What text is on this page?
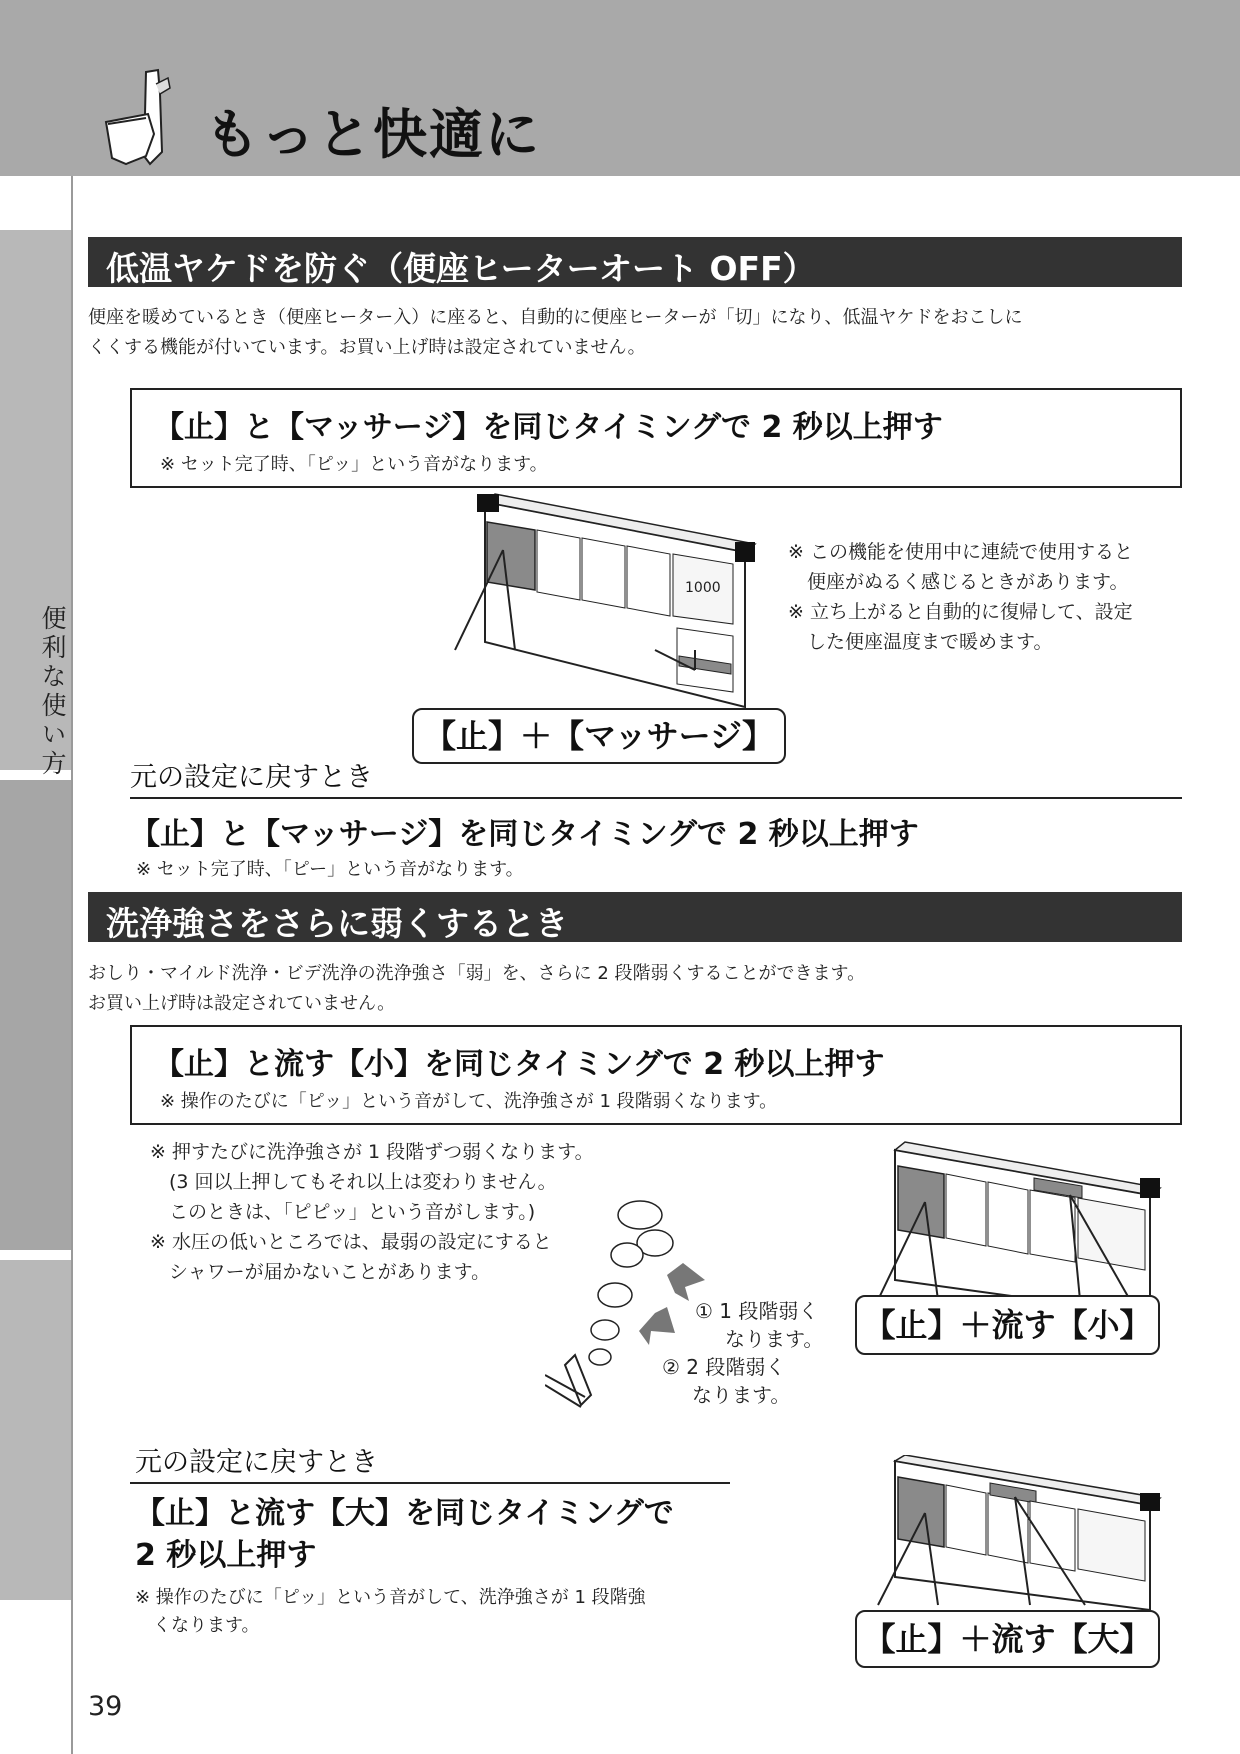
もっと快適に
便利な使い方
低温ヤケドを防ぐ（便座ヒーターオート OFF）
便座を暖めているとき（便座ヒーター入）に座ると、自動的に便座ヒーターが「切」になり、低温ヤケドをおこしに
くくする機能が付いています。お買い上げ時は設定されていません。
【止】と【マッサージ】を同じタイミングで 2 秒以上押す
※ セット完了時、「ピッ」という音がなります。
1000
【止】＋【マッサージ】
※ この機能を使用中に連続で使用すると
　便座がぬるく感じるときがあります。
※ 立ち上がると自動的に復帰して、設定
　した便座温度まで暖めます。
元の設定に戻すとき
【止】と【マッサージ】を同じタイミングで 2 秒以上押す
※ セット完了時、「ピー」という音がなります。
洗浄強さをさらに弱くするとき
おしり・マイルド洗浄・ビデ洗浄の洗浄強さ「弱」を、さらに 2 段階弱くすることができます。
お買い上げ時は設定されていません。
【止】と流す【小】を同じタイミングで 2 秒以上押す
※ 操作のたびに「ピッ」という音がして、洗浄強さが 1 段階弱くなります。
※ 押すたびに洗浄強さが 1 段階ずつ弱くなります。
　(3 回以上押してもそれ以上は変わりません。
　このときは、「ピピッ」という音がします。)
※ 水圧の低いところでは、最弱の設定にすると
　シャワーが届かないことがあります。
① 1 段階弱く
なります。
② 2 段階弱く
なります。
【止】＋流す【小】
元の設定に戻すとき
【止】と流す【大】を同じタイミングで
2 秒以上押す
※ 操作のたびに「ピッ」という音がして、洗浄強さが 1 段階強
　くなります。	【止】＋流す【大】
39
